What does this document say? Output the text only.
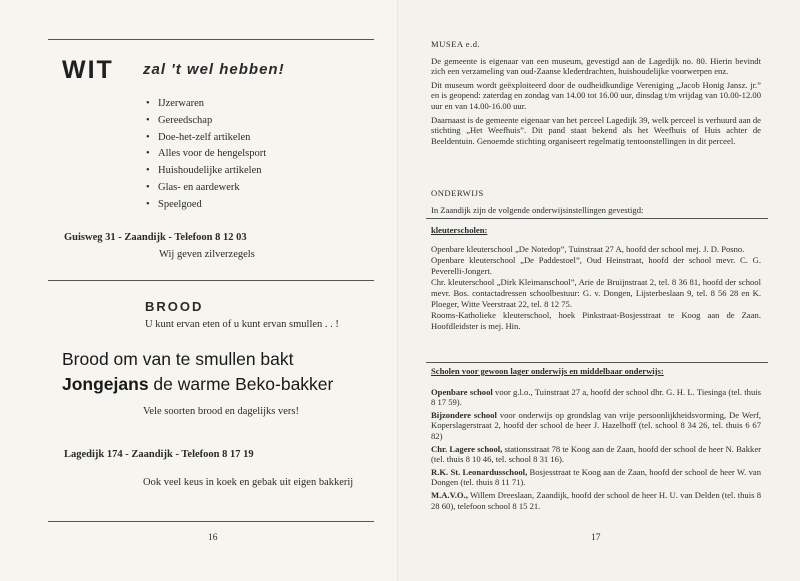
WIT zal 't wel hebben!
• IJzerwaren
• Gereedschap
• Doe-het-zelf artikelen
• Alles voor de hengelsport
• Huishoudelijke artikelen
• Glas- en aardewerk
• Speelgoed
Guisweg 31 - Zaandijk - Telefoon 8 12 03
Wij geven zilverzegels
BROOD
U kunt ervan eten of u kunt ervan smullen . . !
Brood om van te smullen bakt
Jongejans de warme Beko-bakker
Vele soorten brood en dagelijks vers!
Lagedijk 174 - Zaandijk - Telefoon 8 17 19
Ook veel keus in koek en gebak uit eigen bakkerij
16

MUSEA e.d.

De gemeente is eigenaar van een museum, gevestigd aan de Lagedijk no. 80. Hierin bevindt zich een verzameling van oud-Zaanse klederdrachten, huishoudelijke voorwerpen enz.

Dit museum wordt geëxploiteerd door de oudheidkundige Vereniging „Jacob Honig Jansz. jr.” en is geopend: zaterdag en zondag van 14.00 tot 16.00 uur, dinsdag t/m vrijdag van 10.00-12.00 uur en van 14.00-16.00 uur.

Daarnaast is de gemeente eigenaar van het perceel Lagedijk 39, welk perceel is verhuurd aan de stichting „Het Weefhuis”. Dit pand staat bekend als het Weefhuis of Huis achter de Beeldentuin. Genoemde stichting organiseert regelmatig tentoonstellingen in dit perceel.

ONDERWIJS

In Zaandijk zijn de volgende onderwijsinstellingen gevestigd:

kleuterscholen:

Openbare kleuterschool „De Notedop”, Tuinstraat 27 A, hoofd der school mej. J. D. Posno.

Openbare kleuterschool „De Paddestoel”, Oud Heinstraat, hoofd der school mevr. C. G. Peverelli-Jongert.

Chr. kleuterschool „Dirk Kleimanschool”, Arie de Bruijnstraat 2, tel. 8 36 81, hoofd der school mevr. Bos. contactadressen schoolbestuur: G. v. Dongen, Lijsterbeslaan 9, tel. 8 56 28 en K. Ploeger, Witte Veerstraat 22, tel. 8 12 75.

Rooms-Katholieke kleuterschool, hoek Pinkstraat-Bosjesstraat te Koog aan de Zaan. Hoofdleidster is mej. Hin.

Scholen voor gewoon lager onderwijs en middelbaar onderwijs:

Openbare school voor g.l.o., Tuinstraat 27 a, hoofd der school dhr. G. H. L. Tiesinga (tel. thuis 8 17 59).

Bijzondere school voor onderwijs op grondslag van vrije persoonlijkheidsvorming, De Werf, Koperslagerstraat 2, hoofd der school de heer J. Hazelhoff (tel. school 8 34 26, tel. thuis 6 67 82)

Chr. Lagere school, stationsstraat 78 te Koog aan de Zaan, hoofd der school de heer N. Bakker (tel. thuis 8 10 46, tel. school 8 31 16).

R.K. St. Leonardusschool, Bosjesstraat te Koog aan de Zaan, hoofd der school de heer W. van Dongen (tel. thuis 8 11 71).

M.A.V.O., Willem Dreeslaan, Zaandijk, hoofd der school de heer H. U. van Delden (tel. thuis 8 28 60), telefoon school 8 15 21.

17
